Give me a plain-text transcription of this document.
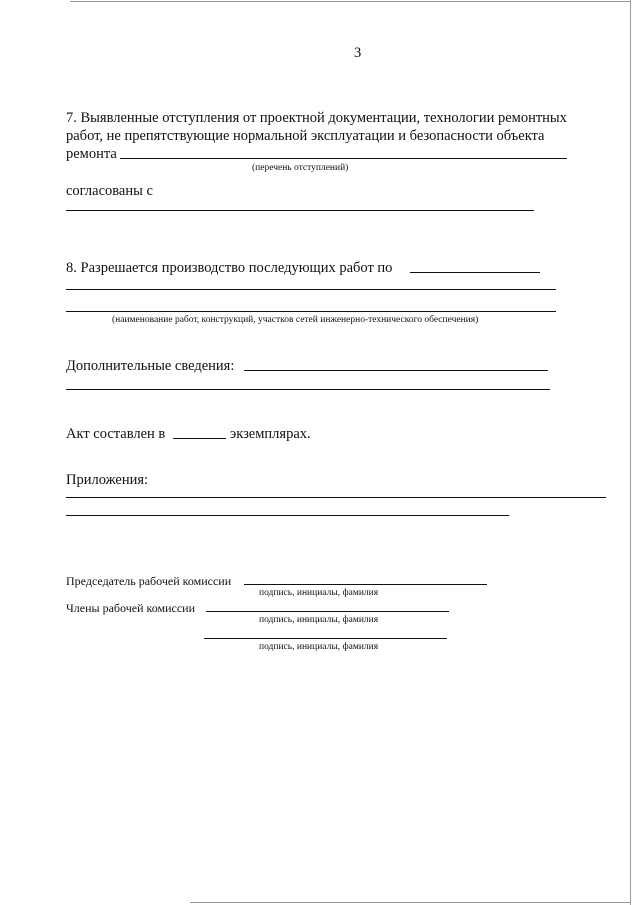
3
7. Выявленные отступления от проектной документации, технологии ремонтных
работ, не препятствующие нормальной эксплуатации и безопасности объекта
ремонта
(перечень отступлений)
согласованы с
8. Разрешается производство последующих работ по
(наименование работ, конструкций, участков сетей инженерно-технического обеспечения)
Дополнительные сведения:
Акт составлен в	экземплярах.
Приложения:
Председатель рабочей комиссии
подпись, инициалы, фамилия
Члены рабочей комиссии
подпись, инициалы, фамилия
подпись, инициалы, фамилия
